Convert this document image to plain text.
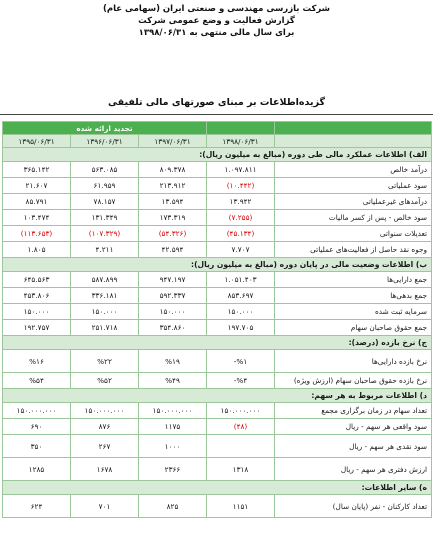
شرکت بازرسی مهندسی و صنعتی ایران (سهامی عام)
گزارش فعالیت و وضع عمومی شرکت
برای سال مالی منتهی به ۱۳۹۸/۰۶/۳۱
گزیده‌اطلاعات بر مبنای صورتهای مالی تلفیقی
تجدید ارائه شده				
۱۳۹۵/۰۶/۳۱	۱۳۹۶/۰۶/۳۱	۱۳۹۷/۰۶/۳۱	۱۳۹۸/۰۶/۳۱	
الف) اطلاعات عملکرد مالی طی دوره (مبالغ به میلیون ریال):				
۳۶۵.۱۴۲	۵۶۳.۰۸۵	۸۰۹.۳۷۸	۱.۰۹۷.۸۱۱	درآمد خالص
۲۱.۶۰۷	۶۱.۹۵۹	۲۱۳.۹۱۲	(۱۰.۴۴۲)	سود عملیاتی
۸۵.۷۹۱	۷۸.۱۵۷	۱۳.۵۹۴	۱۳.۹۴۲	درآمدهای غیرعملیاتی
۱۰۳.۴۷۴	۱۳۱.۳۴۹	۱۷۳.۳۱۹	(۷.۲۵۵)	سود خالص - پس از کسر مالیات
(۱۱۳.۶۵۳)	(۱۰۷.۳۲۹)	(۵۴.۳۲۶)	(۴۵.۱۳۴)	تعدیلات سنواتی
۱.۸۰۵	۴.۲۱۱	۴۲.۵۹۴	۷.۷۰۷	وجوه نقد حاصل از فعالیت‌های عملیاتی
ب) اطلاعات وضعیت مالی در پایان دوره (مبالغ به میلیون ریال):				
۶۴۵.۵۶۳	۵۸۷.۸۹۹	۹۴۷.۱۹۷	۱.۰۵۱.۴۰۳	جمع دارایی‌ها
۴۵۳.۸۰۶	۳۳۶.۱۸۱	۵۹۲.۳۳۷	۸۵۳.۶۹۷	جمع بدهی‌ها
۱۵۰.۰۰۰	۱۵۰.۰۰۰	۱۵۰.۰۰۰	۱۵۰.۰۰۰	سرمایه ثبت شده
۱۹۲.۷۵۷	۲۵۱.۷۱۸	۳۵۴.۸۶۰	۱۹۷.۷۰۵	جمع حقوق صاحبان سهام
ج) نرخ بازده (درصد):				
%۱۶	%۲۲	%۱۹	-%۱	نرخ بازده دارایی‌ها
%۵۴	%۵۲	%۴۹	-%۴	نرخ بازده حقوق صاحبان سهام (ارزش ویژه)
د) اطلاعات مربوط به هر سهم:				
۱۵۰.۰۰۰.۰۰۰	۱۵۰.۰۰۰.۰۰۰	۱۵۰.۰۰۰.۰۰۰	۱۵۰.۰۰۰.۰۰۰	تعداد سهام در زمان برگزاری مجمع
۶۹۰	۸۷۶	۱۱۷۵	(۴۸)	سود واقعی هر سهم - ریال
۳۵۰	۲۶۷	۱۰۰۰		سود نقدی هر سهم - ریال
۱۲۸۵	۱۶۷۸	۲۳۶۶	۱۳۱۸	ارزش دفتری هر سهم - ریال
ه) سایر اطلاعات:				
۶۲۴	۷۰۱	۸۲۵	۱۱۵۱	تعداد کارکنان - نفر (پایان سال)
